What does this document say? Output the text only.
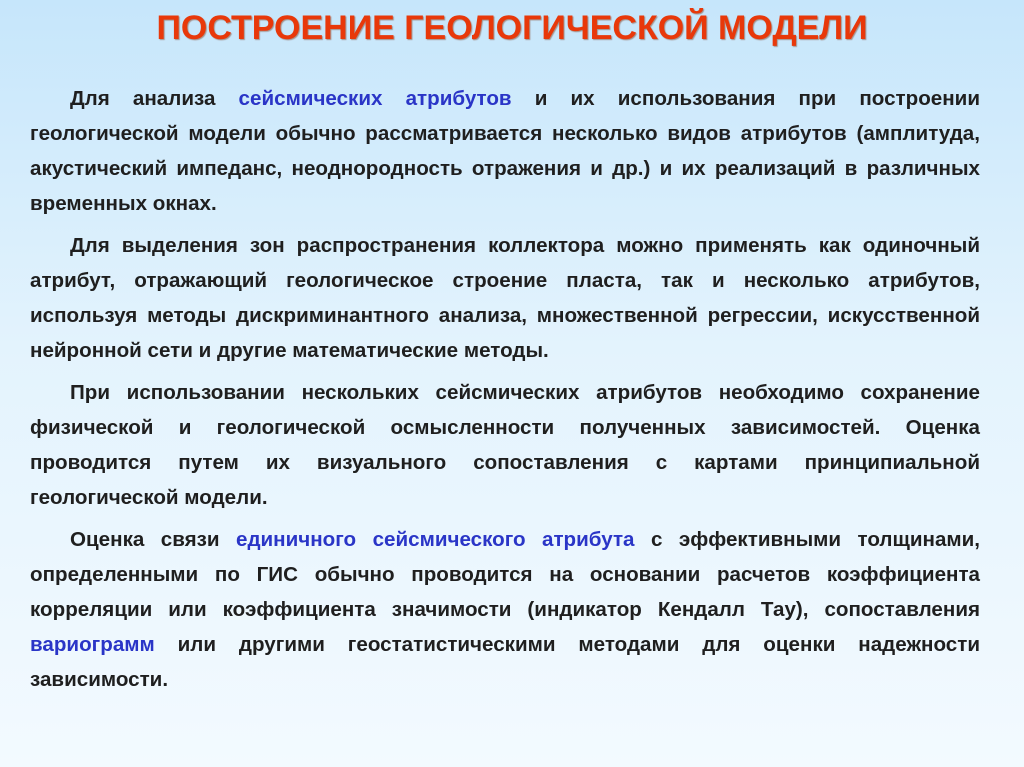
ПОСТРОЕНИЕ ГЕОЛОГИЧЕСКОЙ МОДЕЛИ

Для анализа сейсмических атрибутов и их использования при построении геологической модели обычно рассматривается несколько видов атрибутов (амплитуда, акустический импеданс, неоднородность отражения и др.) и их реализаций в различных временных окнах.

Для выделения зон распространения коллектора можно применять как одиночный атрибут, отражающий геологическое строение пласта, так и несколько атрибутов, используя методы дискриминантного анализа, множественной регрессии, искусственной нейронной сети и другие математические методы.

При использовании нескольких сейсмических атрибутов необходимо сохранение физической и геологической осмысленности полученных зависимостей. Оценка проводится путем их визуального сопоставления с картами принципиальной геологической модели.

Оценка связи единичного сейсмического атрибута с эффективными толщинами, определенными по ГИС обычно проводится на основании расчетов коэффициента корреляции или коэффициента значимости (индикатор Кендалл Тау), сопоставления вариограмм или другими геостатистическими методами для оценки надежности зависимости.
